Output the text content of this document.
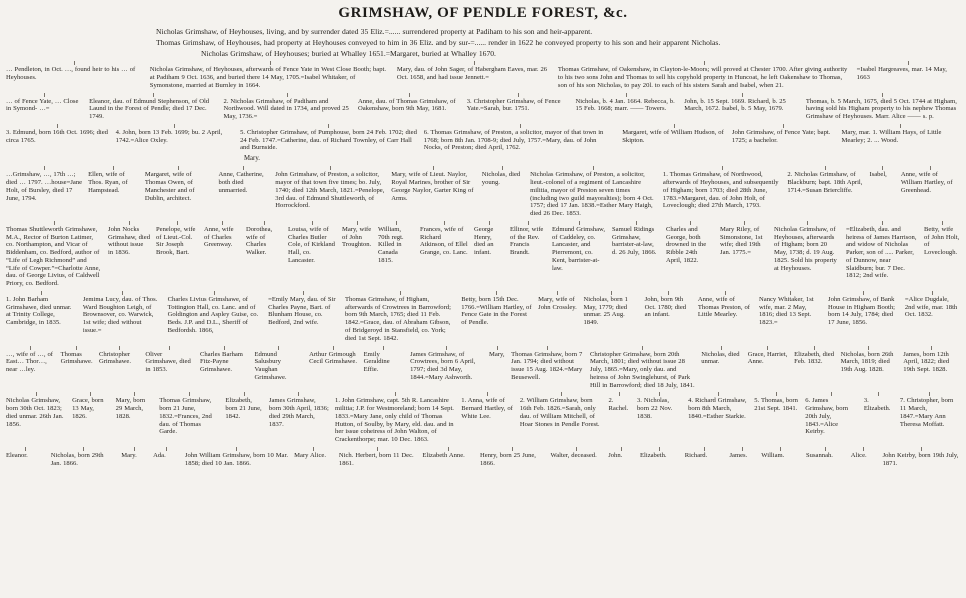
GRIMSHAW, OF PENDLE FOREST, &c.
Nicholas Grimshaw, of Heyhouses, living, and by surrender dated 35 Eliz.=...... surrendered property at Padiham to his son and heir-apparent.
Thomas Grimshaw, of Heyhouses, had property at Heyhouses conveyed to him in 36 Eliz. and by sur-=...... render in 1622 he conveyed property to his son and heir apparent Nicholas.
Nicholas Grimshaw, of Heyhouses; buried at Whalley 1651.=Margaret, buried at Whalley 1670.
… Pendleton, in Oct. …, found heir to his … of Heyhouses.
Nicholas Grimshaw, of Heyhouses, afterwards of Fence Yate in West Close Booth; bapt. at Padiham 9 Oct. 1636, and buried there 14 May, 1705.=Isabel Whitaker, of Symonstone, married at Burnley in 1664.
Mary, dau. of John Sager, of Habergham Eaves, mar. 26 Oct. 1658, and had issue Jennett.=
Thomas Grimshaw, of Oakenshaw, in Clayton-le-Moors; will proved at Chester 1700. After giving authority to his two sons John and Thomas to sell his copyhold property in Huncoat, he left Oakenshaw to Thomas, son of his son Nicholas, to pay 20l. to each of his sisters Sarah and Isabel, when 21.
=Isabel Hargreaves, mar. 14 May, 1663
… of Fence Yate, … Close in Symond- …=
Eleanor, dau. of Edmund Stephenson, of Old Laund in the Forest of Pendle; died 17 Dec. 1749.
2. Nicholas Grimshaw, of Padiham and Northwood. Will dated in 1734, and proved 25 May, 1736.=
Anne, dau. of Thomas Grimshaw, of Oakenshaw, born 9th May, 1681.
3. Christopher Grimshaw, of Fence Yate.=Sarah, bur. 1751.
Nicholas, b. 4 Jan. 1664. Rebecca, b. 15 Feb. 1668; marr. —— Towers.
John, b. 15 Sept. 1669. Richard, b. 25 March, 1672. Isabel, b. 5 May, 1679.
Thomas, b. 5 March, 1675, died 5 Oct. 1744 at Higham, having sold his Higham property to his nephew Thomas Grimshaw of Heyhouses. Marr. Alice —— s. p.
3. Edmund, born 16th Oct. 1696; died circa 1765.
4. John, born 13 Feb. 1699; bu. 2 April, 1742.=Alice Oxley.
5. Christopher Grimshaw, of Pumphouse, born 24 Feb. 1702; died 24 Feb. 1747.=Catherine, dau. of Richard Townley, of Carr Hall and Burnside.
6. Thomas Grimshaw, of Preston, a solicitor, mayor of that town in 1768; born 8th Jan. 1708-9; died July, 1757.=Mary, dau. of John Nocks, of Preston; died April, 1762.
Margaret, wife of William Hudson, of Skipton.
John Grimshaw, of Fence Yate; bapt. 1725; a bachelor.
Mary, mar. 1. William Hays, of Little Mearley; 2. ... Wood.
Mary.
…Grimshaw, …, 17th …; died … 1797. …house=Jane Holt, of Bursley, died 17 June, 1794.
Ellen, wife of Thos. Ryan, of Hampstead.
Margaret, wife of Thomas Owen, of Manchester and of Dublin, architect.
Anne, Catherine, both died unmarried.
John Grimshaw, of Preston, a solicitor, mayor of that town five times; bo. July, 1740; died 12th March, 1821.=Penelope, 3rd dau. of Edmund Shuttleworth, of Horrockford.
Mary, wife of Lieut. Naylor, Royal Marines, brother of Sir George Naylor, Garter King of Arms.
Nicholas, died young.
Nicholas Grimshaw, of Preston, a solicitor, lieut.-colonel of a regiment of Lancashire militia, mayor of Preston seven times (including two guild mayoralties); born 4 Oct. 1757; died 17 Jan. 1838.=Esther Mary Haigh, died 26 Dec. 1853.
1. Thomas Grimshaw, of Northwood, afterwards of Heyhouses, and subsequently of Higham; born 1703; died 28th June, 1783.=Margaret, dau. of John Holt, of Loveclough; died 27th March, 1793.
2. Nicholas Grimshaw, of Blackburn; bapt. 18th April, 1714.=Susan Briercliffe.
Isabel,	Anne, wife of William Hartley, of Greenhead.
Thomas Shuttleworth Grimshawe, M.A., Rector of Burton Latimer, co. Northampton, and Vicar of Biddenham, co. Bedford, author of “Life of Legh Richmond” and “Life of Cowper.”=Charlotte Anne, dau. of George Livius, of Caldwell Priory, co. Bedford.
John Nocks Grimshaw, died without issue in 1836.
Penelope, wife of Lieut.-Col. Sir Joseph Brook, Bart.
Anne, wife of Charles Greenway.
Dorothea, wife of Charles Walker.
Louisa, wife of Charles Butler Cole, of Kirkland Hall, co. Lancaster.
Mary, wife of John Troughton.
William, 70th regt. Killed in Canada 1815.
Frances, wife of Richard Atkinson, of Ellel Grange, co. Lanc.
George Henry, died an infant.
Ellinor, wife of the Rev. Francis Brandt.
Edmund Grimshaw, of Caddeley, co. Lancaster, and Pierremont, co. Kent, barrister-at-law.
Samuel Ridings Grimshaw, barrister-at-law, d. 26 July, 1866.
Charles and George, both drowned in the Ribble 24th April, 1822.
Mary Riley, of Simonstone, 1st wife; died 19th Jan. 1775.=
Nicholas Grimshaw, of Heyhouses, afterwards of Higham; born 20 May, 1738; d. 19 Aug. 1825. Sold his property at Heyhouses.
=Elizabeth, dau. and heiress of James Harrison, and widow of Nicholas Parker, son of ..... Parker, of Dunnow, near Slaidburn; bur. 7 Dec. 1812; 2nd wife.
Betty, wife of John Holt, of Loveclough.
1. John Barham Grimshawe, died unmar. at Trinity College, Cambridge, in 1835.
Jemima Lucy, dau. of Thos. Ward Boughton Leigh, of Brownsover, co. Warwick, 1st wife; died without issue.=
Charles Livius Grimshawe, of Tottington Hall, co. Lanc. and of Goldington and Aspley Guise, co. Beds. J.P. and D.L., Sheriff of Bedfordsh. 1866,
=Emily Mary, dau. of Sir Charles Payne, Bart. of Blunham House, co. Bedford, 2nd wife.
Thomas Grimshaw, of Higham, afterwards of Crowtrees in Barrowford; born 9th March, 1765; died 11 Feb. 1842.=Grace, dau. of Abraham Gibson, of Bridgeroyd in Stansfield, co. York; died 1st Sept. 1842.
Betty, born 15th Dec. 1766.=William Hartley, of Fence Gate in the Forest of Pendle.
Mary, wife of John Crossley.
Nicholas, born 1 May, 1779; died unmar. 25 Aug. 1849.
John, born 9th Oct. 1780; died an infant.
Anne, wife of Thomas Preston, of Little Mearley.
Nancy Whitaker, 1st wife, mar. 2 May, 1816; died 13 Sept. 1823.=
John Grimshaw, of Bank House in Higham Booth; born 14 July, 1784; died 17 June, 1856.
=Alice Dugdale, 2nd wife, mar. 18th Oct. 1832.
…, wife of …, of East… Thor…, near …ley.
Thomas Grimshawe.
Christopher Grimshawe.
Oliver Grimshawe, died in 1853.
Charles Barham Fitz-Payne Grimshawe.
Edmund Salusbury Vaughan Grimshawe.
Arthur Grimough Cecil Grimshawe.
Emily Geraldine Effie.
James Grimshaw, of Crowtrees, born 6 April, 1797; died 3d May, 1844.=Mary Ashworth.
Mary, Thomas Grimshaw, born 7 Jan. 1794; died without issue 15 Aug. 1824.=Mary Beusewell.
Christopher Grimshaw, born 20th March, 1801; died without issue 28 July, 1865.=Mary, only dau. and heiress of John Swinglehurst, of Park Hill in Barrowford; died 18 July, 1841.
Nicholas, died unmar.
Grace, Harriet, Anne.
Elizabeth, died Feb. 1832.
Nicholas, born 26th March, 1819; died 19th Aug. 1828.
James, born 12th April, 1822; died 19th Sept. 1828.
Nicholas Grimshaw, born 30th Oct. 1823; died unmar. 26th Jan. 1856.
Grace, born 13 May, 1826.
Mary, born 29 March, 1828.
Thomas Grimshaw, born 21 June, 1832.=Frances, 2nd dau. of Thomas Garde.
Elizabeth, born 21 June, 1842.
James Grimshaw, born 30th April, 1836; died 29th March, 1837.
1. John Grimshaw, capt. 5th R. Lancashire militia; J.P. for Westmoreland; born 14 Sept. 1833.=Mary Jane, only child of Thomas Hutton, of Soulby, by Mary, eld. dau. and in her issue coheiress of John Walton, of Crackenthorpe; mar. 10 Dec. 1863.
1. Anna, wife of Bernard Hartley, of White Lee.
2. William Grimshaw, born 16th Feb. 1826.=Sarah, only dau. of William Mitchell, of Hoar Stones in Pendle Forest.
2. Rachel.
3. Nicholas, born 22 Nov. 1838.
4. Richard Grimshaw, born 8th March, 1840.=Esther Starkie.
5. Thomas, born 21st Sept. 1841.
6. James Grimshaw, born 20th July, 1843.=Alice Keirby.
3. Elizabeth.
7. Christopher, born 11 March, 1847.=Mary Ann Theresa Moffatt.
Eleanor.	Nicholas, born 29th Jan. 1866.
Mary.	Ada.	John William Grimshaw, born 10 Mar. 1858; died 10 Jan. 1866.
Mary Alice.	Nich. Herbert, born 11 Dec. 1861.
Elizabeth Anne.	Henry, born 25 June, 1866.
Walter, deceased.	John.	Elizabeth.	Richard.	James.	William.	Susannah.	Alice.	John Keirby, born 19th July, 1871.
